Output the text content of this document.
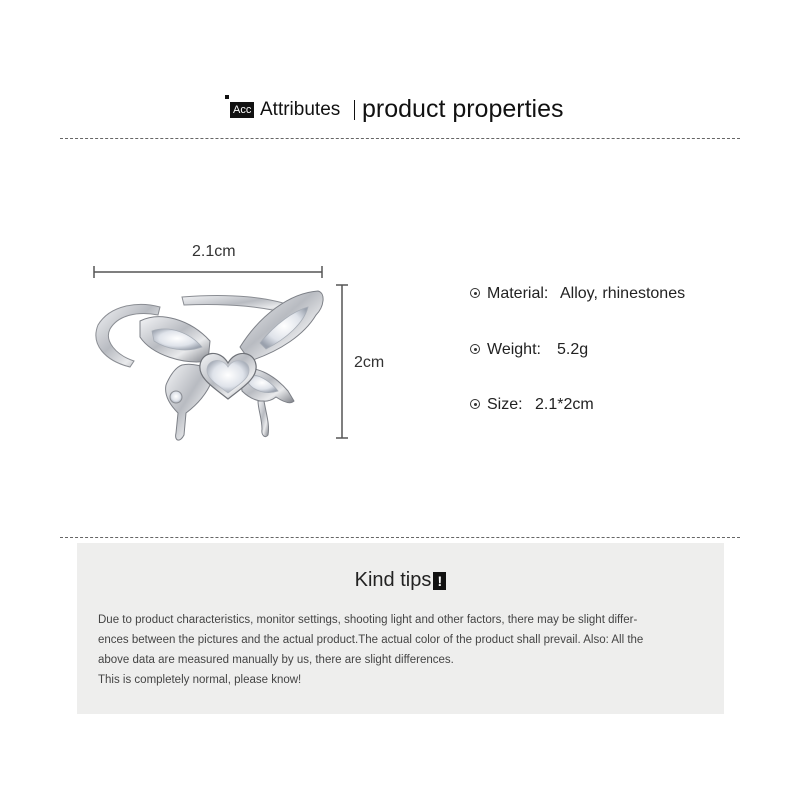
Acc Attributes product properties
2.1cm
2cm
Material: Alloy, rhinestones
Weight: 5.2g
Size: 2.1*2cm
Kind tips !
Due to product characteristics, monitor settings, shooting light and other factors, there may be slight differ-
ences between the pictures and the actual product.The actual color of the product shall prevail. Also: All the
above data are measured manually by us, there are slight differences.
This is completely normal, please know!
